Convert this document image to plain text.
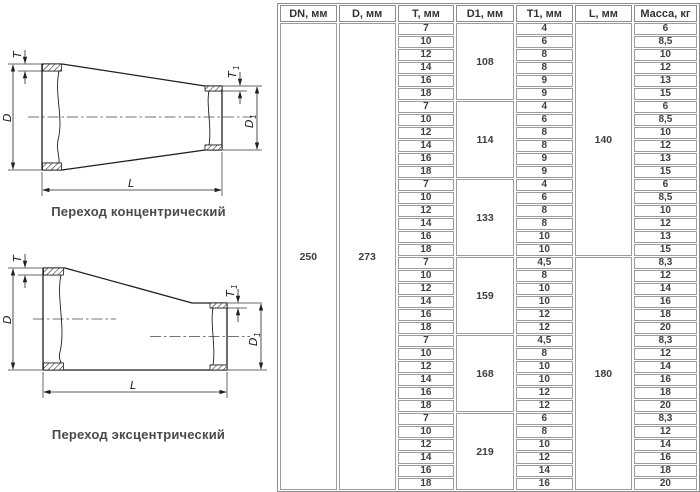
T
D
T
1
D
1
L
Переход концентрический
T
D
T
1
D
1
L
Переход эксцентрический
DN, мм	D, мм	T, мм	D1, мм	T1, мм	L, мм	Масса, кг
250	273	7	108	4	140	6
		10		6		8,5
		12		8		10
		14		8		12
		16		9		13
		18		9		15
		7	114	4		6
		10		6		8,5
		12		8		10
		14		8		12
		16		9		13
		18		9		15
		7	133	4		6
		10		6		8,5
		12		8		10
		14		8		12
		16		10		13
		18		10		15
		7	159	4,5	180	8,3
		10		8		12
		12		10		14
		14		10		16
		16		12		18
		18		12		20
		7	168	4,5		8,3
		10		8		12
		12		10		14
		14		10		16
		16		12		18
		18		12		20
		7	219	6		8,3
		10		8		12
		12		10		14
		14		12		16
		16		14		18
		18		16		20
